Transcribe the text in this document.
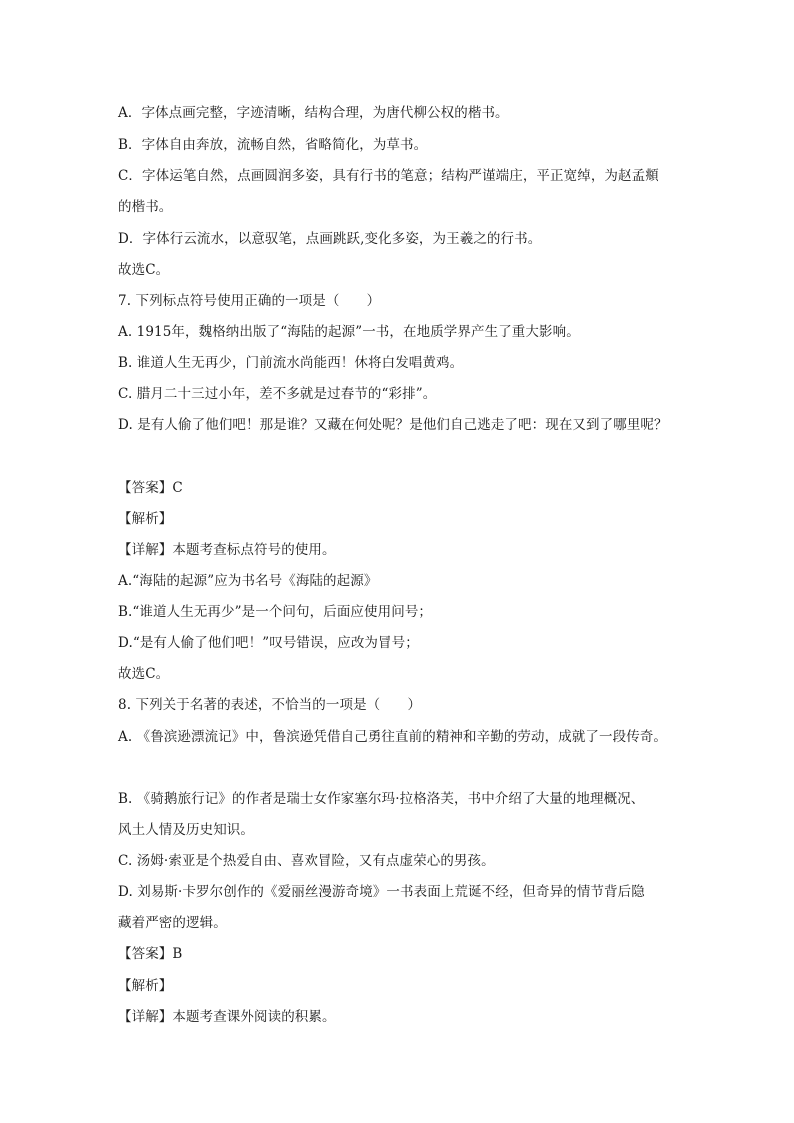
A．字体点画完整，字迹清晰，结构合理，为唐代柳公权的楷书。
B．字体自由奔放，流畅自然，省略简化，为草书。
C．字体运笔自然，点画圆润多姿，具有行书的笔意；结构严谨端庄，平正宽绰，为赵孟頫
的楷书。
D．字体行云流水，以意驭笔，点画跳跃,变化多姿，为王羲之的行书。
故选C。
7. 下列标点符号使用正确的一项是（　　）
A. 1915年，魏格纳出版了“海陆的起源”一书，在地质学界产生了重大影响。
B. 谁道人生无再少，门前流水尚能西！休将白发唱黄鸡。
C. 腊月二十三过小年，差不多就是过春节的“彩排”。
D. 是有人偷了他们吧！那是谁？又藏在何处呢？是他们自己逃走了吧：现在又到了哪里呢？
【答案】C
【解析】
【详解】本题考查标点符号的使用。
A.“海陆的起源”应为书名号《海陆的起源》
B.“谁道人生无再少”是一个问句，后面应使用问号；
D.“是有人偷了他们吧！”叹号错误，应改为冒号；
故选C。
8. 下列关于名著的表述，不恰当的一项是（　　）
A. 《鲁滨逊漂流记》中，鲁滨逊凭借自己勇往直前的精神和辛勤的劳动，成就了一段传奇。
B. 《骑鹅旅行记》的作者是瑞士女作家塞尔玛·拉格洛芙，书中介绍了大量的地理概况、
风土人情及历史知识。
C. 汤姆·索亚是个热爱自由、喜欢冒险，又有点虚荣心的男孩。
D. 刘易斯·卡罗尔创作的《爱丽丝漫游奇境》一书表面上荒诞不经，但奇异的情节背后隐
藏着严密的逻辑。
【答案】B
【解析】
【详解】本题考查课外阅读的积累。
